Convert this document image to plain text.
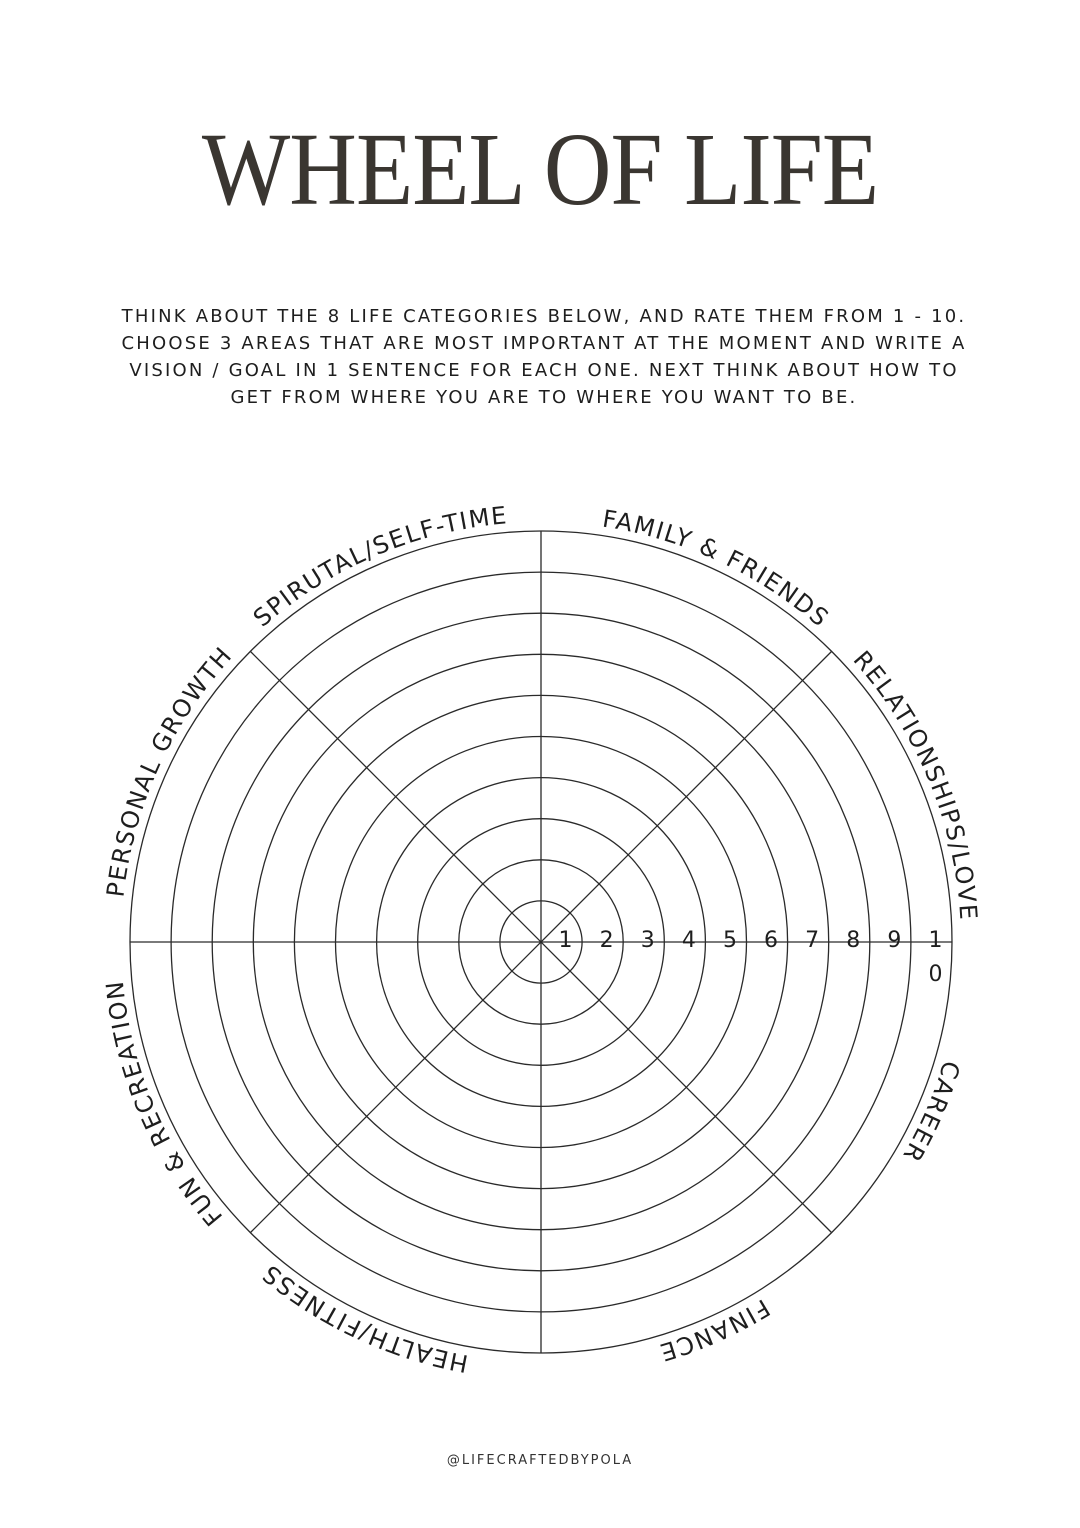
WHEEL OF LIFE
THINK ABOUT THE 8 LIFE CATEGORIES BELOW, AND RATE THEM FROM 1 - 10. CHOOSE 3 AREAS THAT ARE MOST IMPORTANT AT THE MOMENT AND WRITE A VISION / GOAL IN 1 SENTENCE FOR EACH ONE. NEXT THINK ABOUT HOW TO GET FROM WHERE YOU ARE TO WHERE YOU WANT TO BE.
1 2 3 4 5 6 7 8 9 1 0
FAMILY & FRIENDS
RELATIONSHIPS/LOVE
CAREER
FINANCE
HEALTH/FITNESS
FUN & RECREATION
PERSONAL GROWTH
SPIRUTAL/SELF-TIME
@LIFECRAFTEDBYPOLA
